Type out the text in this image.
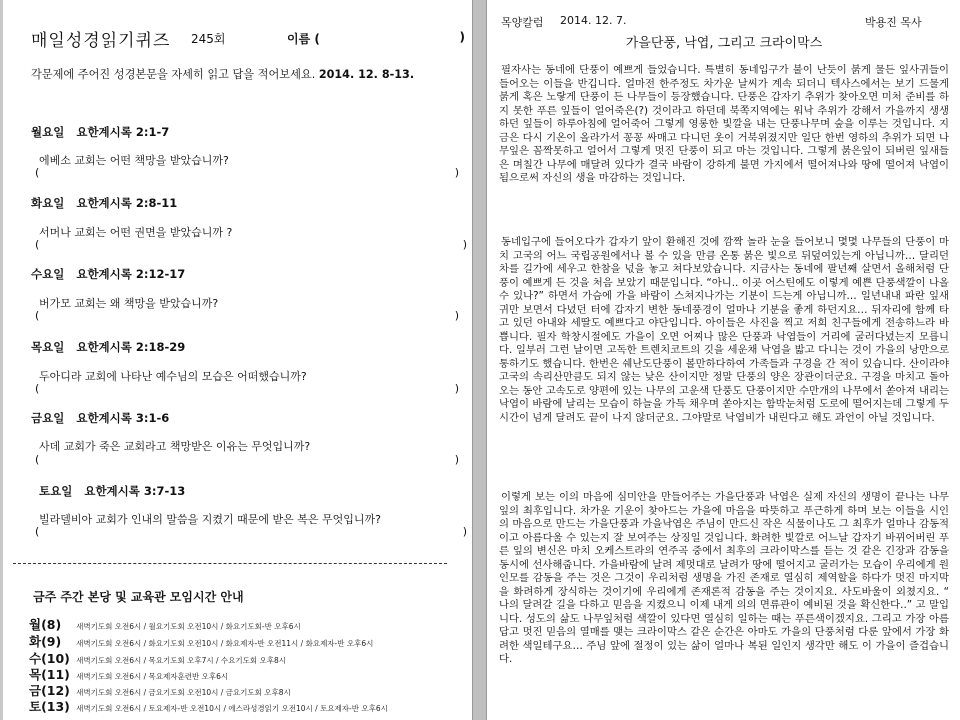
매일성경읽기퀴즈 245회	이름 (	)
각문제에 주어진 성경본문을 자세히 읽고 답을 적어보세요. 2014. 12. 8-13.
월요일 요한계시록 2:1-7
에베소 교회는 어떤 책망을 받았습니까?
(	)
화요일 요한계시록 2:8-11
서머나 교회는 어떤 권면을 받았습니까 ?
(	)
수요일 요한계시록 2:12-17
버가모 교회는 왜 책망을 받았습니까?
(	)
목요일 요한계시록 2:18-29
두아디라 교회에 나타난 예수님의 모습은 어떠했습니까?
(	)
금요일 요한계시록 3:1-6
사데 교회가 죽은 교회라고 책망받은 이유는 무엇입니까?
(	)
토요일 요한계시록 3:7-13
빌라델비아 교회가 인내의 말씀을 지켰기 때문에 받은 복은 무엇입니까?
(	)
금주 주간 본당 및 교육관 모임시간 안내
월(8) 새벽기도회 오전6시 / 월요기도회 오전10시 / 화요기도회-반 오후6시
화(9) 새벽기도회 오전6시 / 화요기도회 오전10시 / 화요제자-반 오전11시 / 화요제자-반 오후6시
수(10) 새벽기도회 오전6시 / 목요기도회 오후7시 / 수요기도회 오후8시
목(11) 새벽기도회 오전6시 / 목요제자훈련반 오후6시
금(12) 새벽기도회 오전6시 / 금요기도회 오전10시 / 금요기도회 오후8시
토(13) 새벽기도회 오전6시 / 토요제자-반 오전10시 / 에스라성경읽기 오전10시 / 토요제자-반 오후6시
목양칼럼 2014. 12. 7.	박용진 목사
가을단풍, 낙엽, 그리고 크라이막스
필자사는 동네에 단풍이 예쁘게 들었습니다. 특별히 동네입구가 불이 난듯이 붉게 물든 잎사귀들이 들어오는 이들을 반깁니다. 얼마전 한주정도 차가운 날씨가 계속 되더니 텍사스에서는 보기 드물게 붉게 혹은 노랗게 단풍이 든 나무들이 등장했습니다. 단풍은 갑자기 추위가 찾아오면 미처 준비를 하지 못한 푸른 잎들이 얼어죽은(?) 것이라고 하던데 북쪽지역에는 워낙 추위가 강해서 가을까지 생생하던 잎들이 하루아침에 얼어죽어 그렇게 영롱한 빛깔을 내는 단풍나무며 숲을 이루는 것입니다. 지금은 다시 기온이 올라가서 꽁꽁 싸매고 다니던 옷이 거북위졌지만 일단 한번 영하의 추위가 되면 나무잎은 꼼짝못하고 얼어서 그렇게 멋진 단풍이 되고 마는 것입니다. 그렇게 붉은잎이 되버린 잎새들은 며칠간 나무에 매달려 있다가 결국 바람이 강하게 불면 가지에서 떨어져나와 땅에 떨어져 낙엽이 됨으로써 자신의 생을 마감하는 것입니다.
동네입구에 들어오다가 갑자기 앞이 환해진 것에 깜짝 놀라 눈을 들어보니 몇몇 나무들의 단풍이 마치 고국의 어느 국립공원에서나 볼 수 있을 만큼 온통 붉은 빛으로 뒤덮여있는게 아닙니까… 달리던 차를 길가에 세우고 한참을 넋을 놓고 쳐다보았습니다. 지금사는 동네에 팔년째 살면서 올해처럼 단풍이 예쁘게 든 것을 처음 보았기 때문입니다. “아니.. 이곳 어스틴에도 이렇게 예쁜 단풍색깔이 나올 수 있나?” 하면서 가슴에 가을 바람이 스쳐지나가는 기분이 드는게 아닙니까… 일년내내 파란 잎새귀만 보면서 다녔던 터에 갑자기 변한 동네풍경이 얼마나 기분을 좋게 하던지요… 뒤자리에 함께 타고 있던 아내와 세딸도 예쁘다고 야단입니다. 아이들은 사진을 찍고 저희 친구들에게 전송하느라 바쁩니다. 필자 학창시절에도 가을이 오면 어찌나 많은 단풍과 낙엽들이 거리에 굴러다녔는지 모릅니다. 일부러 그런 날이면 고독한 트렌치코트의 깃을 세운채 낙엽을 밟고 다니는 것이 가을의 낭만으로 통하기도 했습니다. 한번은 쉐난도단풍이 볼만하다하여 가족들과 구경을 간 적이 있습니다. 산이라야 고국의 속리산만큼도 되지 않는 낮은 산이지만 정말 단풍의 양은 장관이더군요. 구경을 마치고 돌아오는 동안 고속도로 양편에 있는 나무의 고운색 단풍도 단풍이지만 수만개의 나무에서 쏟아져 내리는 낙엽이 바람에 날리는 모습이 하늘을 가득 채우며 쏟아지는 함박눈처럼 도로에 떨어지는데 그렇게 두시간이 넘게 달려도 끝이 나지 않더군요. 그야말로 낙엽비가 내린다고 해도 과언이 아닐 것입니다.
이렇게 보는 이의 마음에 심미안을 만들어주는 가을단풍과 낙엽은 실제 자신의 생명이 끝나는 나무잎의 최후입니다. 차가운 기운이 찾아드는 가을에 마음을 따뜻하고 푸근하게 하며 보는 이들을 시인의 마음으로 만드는 가을단풍과 가을낙엽은 주님이 만드신 작은 식물이나도 그 최후가 얼마나 감동적이고 아름다울 수 있는지 잘 보여주는 상징일 것입니다. 화려한 빛깔로 어느날 갑자기 바뀌어버린 푸른 잎의 변신은 마치 오케스트라의 연주곡 중에서 최후의 크라이막스를 듣는 것 같은 긴장과 감동을 동시에 선사해줍니다. 가을바람에 날려 제멋대로 날려가 땅에 떨어지고 굴러가는 모습이 우리에게 원인모를 감동을 주는 것은 그것이 우리처럼 생명을 가진 존재로 열심히 제역할을 하다가 멋진 마지막을 화려하게 장식하는 것이기에 우리에게 존재론적 감동을 주는 것이지요. 사도바울이 외쳤지요. “ 나의 달려갈 길을 다하고 믿음을 지켰으니 이제 내게 의의 면류관이 예비된 것을 확신한다..” 고 말입니다. 성도의 삶도 나무잎처럼 색깔이 있다면 열심히 일하는 때는 푸른색이겠지요. 그리고 가장 아름답고 멋진 믿음의 열매를 맺는 크라이막스 같은 순간은 아마도 가을의 단풍처럼 다룬 앞에서 가장 화려한 색일테구요… 주님 앞에 절정이 있는 삶이 얼마나 복된 일인지 생각만 해도 이 가을이 즐겁습니다.
